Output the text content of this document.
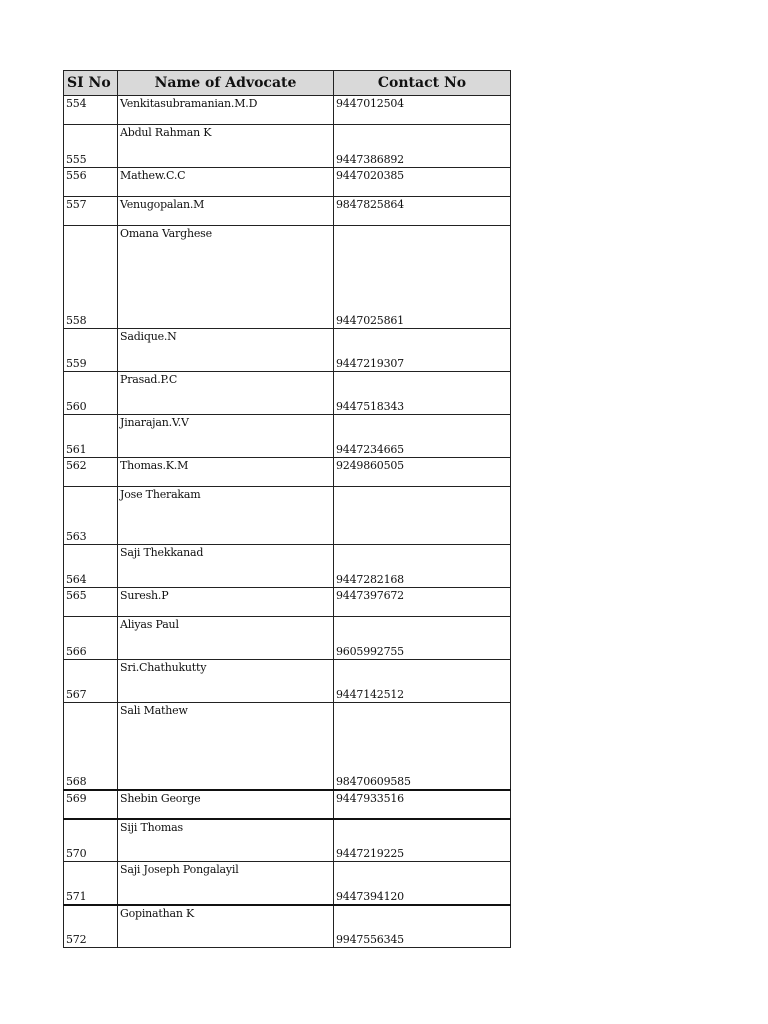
SI No	Name of Advocate	Contact No
554	Venkitasubramanian.M.D	9447012504
555	Abdul Rahman K	9447386892
556	Mathew.C.C	9447020385
557	Venugopalan.M	9847825864
558	Omana Varghese	9447025861
559	Sadique.N	9447219307
560	Prasad.P.C	9447518343
561	Jinarajan.V.V	9447234665
562	Thomas.K.M	9249860505
563	Jose Therakam	
564	Saji Thekkanad	9447282168
565	Suresh.P	9447397672
566	Aliyas Paul	9605992755
567	Sri.Chathukutty	9447142512
568	Sali Mathew	98470609585
569	Shebin George	9447933516
570	Siji Thomas	9447219225
571	Saji Joseph Pongalayil	9447394120
572	Gopinathan K	9947556345
